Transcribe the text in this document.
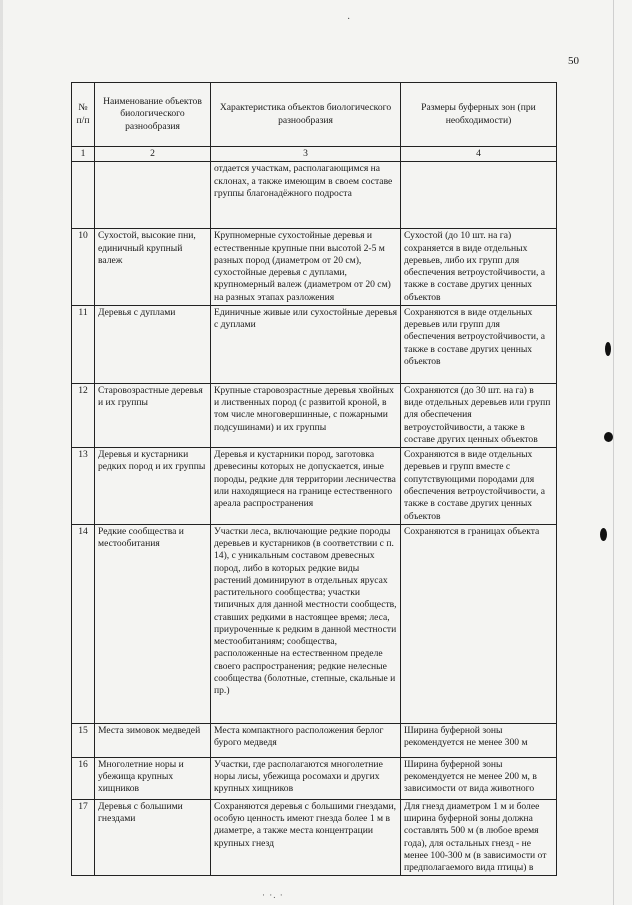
·
50
№ п/п	Наименование объектов биологического разнообразия	Характеристика объектов биологического разнообразия	Размеры буферных зон (при необходимости)
1	2	3	4
		отдается участкам, располагающимся на склонах, а также имеющим в своем составе группы благонадёжного подроста	
10	Сухостой, высокие пни, единичный крупный валеж	Крупномерные сухостойные деревья и естественные крупные пни высотой 2-5 м разных пород (диаметром от 20 см), сухостойные деревья с дуплами, крупномерный валеж (диаметром от 20 см) на разных этапах разложения	Сухостой (до 10 шт. на га) сохраняется в виде отдельных деревьев, либо их групп для обеспечения ветроустойчивости, а также в составе других ценных объектов
11	Деревья с дуплами	Единичные живые или сухостойные деревья с дуплами	Сохраняются в виде отдельных деревьев или групп для обеспечения ветроустойчивости, а также в составе других ценных объектов
12	Старовозрастные деревья и их группы	Крупные старовозрастные деревья хвойных и лиственных пород (с развитой кроной, в том числе многовершинные, с пожарными подсушинами) и их группы	Сохраняются (до 30 шт. на га) в виде отдельных деревьев или групп для обеспечения ветроустойчивости, а также в составе других ценных объектов
13	Деревья и кустарники редких пород и их группы	Деревья и кустарники пород, заготовка древесины которых не допускается, иные породы, редкие для территории лесничества или находящиеся на границе естественного ареала распространения	Сохраняются в виде отдельных деревьев и групп вместе с сопутствующими породами для обеспечения ветроустойчивости, а также в составе других ценных объектов
14	Редкие сообщества и местообитания	Участки леса, включающие редкие породы деревьев и кустарников (в соответствии с п. 14), с уникальным составом древесных пород, либо в которых редкие виды растений доминируют в отдельных ярусах растительного сообщества; участки типичных для данной местности сообществ, ставших редкими в настоящее время; леса, приуроченные к редким в данной местности местообитаниям; сообщества, расположенные на естественном пределе своего распространения; редкие нелесные сообщества (болотные, степные, скальные и пр.)	Сохраняются в границах объекта
15	Места зимовок медведей	Места компактного расположения берлог бурого медведя	Ширина буферной зоны рекомендуется не менее 300 м
16	Многолетние норы и убежища крупных хищников	Участки, где располагаются многолетние норы лисы, убежища росомахи и других крупных хищников	Ширина буферной зоны рекомендуется не менее 200 м, в зависимости от вида животного
17	Деревья с большими гнездами	Сохраняются деревья с большими гнездами, особую ценность имеют гнезда более 1 м в диаметре, а также места концентрации крупных гнезд	Для гнезд диаметром 1 м и более ширина буферной зоны должна составлять 500 м (в любое время года), для остальных гнезд - не менее 100-300 м (в зависимости от предполагаемого вида птицы) в
· ·. ·
